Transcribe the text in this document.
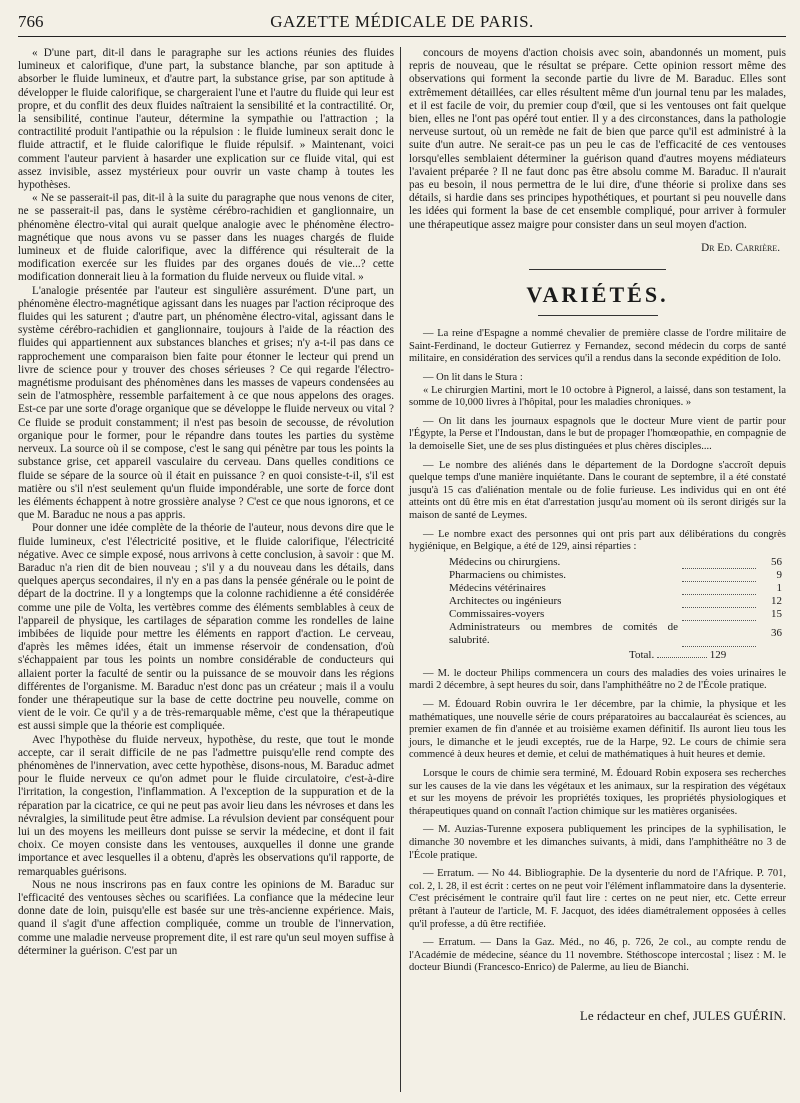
766	GAZETTE MÉDICALE DE PARIS.

« D'une part, dit-il dans le paragraphe sur les actions réunies des fluides lumineux et calorifique, d'une part, la substance blanche, par son aptitude à absorber le fluide lumineux, et d'autre part, la substance grise, par son aptitude à développer le fluide calorifique, se chargeraient l'une et l'autre du fluide qui leur est propre, et du conflit des deux fluides naîtraient la sensibilité et la contractilité. Or, la sensibilité, continue l'auteur, détermine la sympathie ou l'attraction ; la contractilité produit l'antipathie ou la répulsion : le fluide lumineux serait donc le fluide attractif, et le fluide calorifique le fluide répulsif. » Maintenant, voici comment l'auteur parvient à hasarder une explication sur ce fluide vital, qui est assez invisible, assez mystérieux pour ouvrir un vaste champ à toutes les hypothèses.

« Ne se passerait-il pas, dit-il à la suite du paragraphe que nous venons de citer, ne se passerait-il pas, dans le système cérébro-rachidien et ganglionnaire, un phénomène électro-vital qui aurait quelque analogie avec le phénomène électro-magnétique que nous avons vu se passer dans les nuages chargés de fluide lumineux et de fluide calorifique, avec la différence qui résulterait de la modification exercée sur les fluides par des organes doués de vie...? cette modification donnerait lieu à la formation du fluide nerveux ou fluide vital. »

L'analogie présentée par l'auteur est singulière assurément. D'une part, un phénomène électro-magnétique agissant dans les nuages par l'action réciproque des fluides qui les saturent ; d'autre part, un phénomène électro-vital, agissant dans le système cérébro-rachidien et ganglionnaire, toujours à l'aide de la réaction des fluides qui appartiennent aux substances blanches et grises; n'y a-t-il pas dans ce rapprochement une comparaison bien faite pour étonner le lecteur qui prend un livre de science pour y trouver des choses sérieuses ? Ce qui regarde l'électro-magnétisme produisant des phénomènes dans les masses de vapeurs condensées au sein de l'atmosphère, ressemble parfaitement à ce que nous appelons des orages. Est-ce par une sorte d'orage organique que se développe le fluide nerveux ou vital ? Ce fluide se produit constamment; il n'est pas besoin de secousse, de révolution organique pour le former, pour le répandre dans toutes les parties du système nerveux. La source où il se compose, c'est le sang qui pénètre par tous les points la substance grise, cet appareil vasculaire du cerveau. Dans quelles conditions ce fluide se sépare de la source où il était en puissance ? en quoi consiste-t-il, s'il est matière ou s'il n'est seulement qu'un fluide impondérable, une sorte de force dont les éléments échappent à notre grossière analyse ? C'est ce que nous ignorons, et ce que M. Baraduc ne nous a pas appris.

Pour donner une idée complète de la théorie de l'auteur, nous devons dire que le fluide lumineux, c'est l'électricité positive, et le fluide calorifique, l'électricité négative. Avec ce simple exposé, nous arrivons à cette conclusion, à savoir : que M. Baraduc n'a rien dit de bien nouveau ; s'il y a du nouveau dans les détails, dans quelques aperçus secondaires, il n'y en a pas dans la pensée générale ou le point de départ de la doctrine. Il y a longtemps que la colonne rachidienne a été considérée comme une pile de Volta, les vertèbres comme des éléments semblables à ceux de l'appareil de physique, les cartilages de séparation comme les rondelles de laine imbibées de liquide pour mettre les éléments en rapport d'action. Le cerveau, d'après les mêmes idées, était un immense réservoir de condensation, d'où s'échappaient par tous les points un nombre considérable de conducteurs qui allaient porter la faculté de sentir ou la puissance de se mouvoir dans les régions différentes de l'organisme. M. Baraduc n'est donc pas un créateur ; mais il a voulu fonder une thérapeutique sur la base de cette doctrine peu nouvelle, comme on vient de le voir. Ce qu'il y a de très-remarquable même, c'est que la thérapeutique est aussi simple que la théorie est compliquée.

Avec l'hypothèse du fluide nerveux, hypothèse, du reste, que tout le monde accepte, car il serait difficile de ne pas l'admettre puisqu'elle rend compte des phénomènes de l'innervation, avec cette hypothèse, disons-nous, M. Baraduc admet pour le fluide nerveux ce qu'on admet pour le fluide circulatoire, c'est-à-dire l'irritation, la congestion, l'inflammation. A l'exception de la suppuration et de la réparation par la cicatrice, ce qui ne peut pas avoir lieu dans les névroses et dans les névralgies, la similitude peut être admise. La révulsion devient par conséquent pour lui un des moyens les meilleurs dont puisse se servir la médecine, et dont il fait choix. Ce moyen consiste dans les ventouses, auxquelles il donne une grande importance et avec lesquelles il a obtenu, d'après les observations qu'il rapporte, de remarquables guérisons.

Nous ne nous inscrirons pas en faux contre les opinions de M. Baraduc sur l'efficacité des ventouses sèches ou scarifiées. La confiance que la médecine leur donne date de loin, puisqu'elle est basée sur une très-ancienne expérience. Mais, quand il s'agit d'une affection compliquée, comme un trouble de l'innervation, comme une maladie nerveuse proprement dite, il est rare qu'un seul moyen suffise à déterminer la guérison. C'est par un

concours de moyens d'action choisis avec soin, abandonnés un moment, puis repris de nouveau, que le résultat se prépare. Cette opinion ressort même des observations qui forment la seconde partie du livre de M. Baraduc. Elles sont extrêmement détaillées, car elles résultent même d'un journal tenu par les malades, et il est facile de voir, du premier coup d'œil, que si les ventouses ont fait quelque bien, elles ne l'ont pas opéré tout entier. Il y a des circonstances, dans la pathologie nerveuse surtout, où un remède ne fait de bien que parce qu'il est administré à la suite d'un autre. Ne serait-ce pas un peu le cas de l'efficacité de ces ventouses lorsqu'elles semblaient déterminer la guérison quand d'autres moyens médiateurs l'avaient préparée ? Il ne faut donc pas être absolu comme M. Baraduc. Il n'aurait pas eu besoin, il nous permettra de le lui dire, d'une théorie si prolixe dans ses détails, si hardie dans ses principes hypothétiques, et pourtant si peu nouvelle dans les idées qui forment la base de cet ensemble compliqué, pour arriver à formuler une thérapeutique assez maigre pour consister dans un seul moyen d'action.

Dr Ed. Carrière.
VARIÉTÉS.

— La reine d'Espagne a nommé chevalier de première classe de l'ordre militaire de Saint-Ferdinand, le docteur Gutierrez y Fernandez, second médecin du corps de santé militaire, en considération des services qu'il a rendus dans la seconde expédition de Iolo.

— On lit dans le Stura :

« Le chirurgien Martini, mort le 10 octobre à Pignerol, a laissé, dans son testament, la somme de 10,000 livres à l'hôpital, pour les maladies chroniques. »

— On lit dans les journaux espagnols que le docteur Mure vient de partir pour l'Égypte, la Perse et l'Indoustan, dans le but de propager l'homœopathie, en compagnie de la demoiselle Siet, une de ses plus distinguées et plus chères disciples....

— Le nombre des aliénés dans le département de la Dordogne s'accroît depuis quelque temps d'une manière inquiétante. Dans le courant de septembre, il a été constaté jusqu'à 15 cas d'aliénation mentale ou de folie furieuse. Les individus qui en ont été atteints ont dû être mis en état d'arrestation jusqu'au moment où ils seront dirigés sur la maison de santé de Leymes.

— Le nombre exact des personnes qui ont pris part aux délibérations du congrès hygiénique, en Belgique, a été de 129, ainsi réparties :

Médecins ou chirurgiens.		56
Pharmaciens ou chimistes.		9
Médecins vétérinaires		1
Architectes ou ingénieurs		12
Commissaires-voyers		15
Administrateurs ou membres de comités de salubrité.		36
Total.	129

— M. le docteur Philips commencera un cours des maladies des voies urinaires le mardi 2 décembre, à sept heures du soir, dans l'amphithéâtre no 2 de l'École pratique.

— M. Édouard Robin ouvrira le 1er décembre, par la chimie, la physique et les mathématiques, une nouvelle série de cours préparatoires au baccalauréat ès sciences, au premier examen de fin d'année et au troisième examen définitif. Ils auront lieu tous les jours, le dimanche et le jeudi exceptés, rue de la Harpe, 92. Le cours de chimie sera commencé à deux heures et demie, et celui de mathématiques à huit heures et demie.

Lorsque le cours de chimie sera terminé, M. Édouard Robin exposera ses recherches sur les causes de la vie dans les végétaux et les animaux, sur la respiration des végétaux et sur les moyens de prévoir les propriétés toxiques, les propriétés physiologiques et thérapeutiques quand on connaît l'action chimique sur les matières organisées.

— M. Auzias-Turenne exposera publiquement les principes de la syphilisation, le dimanche 30 novembre et les dimanches suivants, à midi, dans l'amphithéâtre no 3 de l'École pratique.

— Erratum. — No 44. Bibliographie. De la dysenterie du nord de l'Afrique. P. 701, col. 2, l. 28, il est écrit : certes on ne peut voir l'élément inflammatoire dans la dysenterie. C'est précisément le contraire qu'il faut lire : certes on ne peut nier, etc. Cette erreur prêtant à l'auteur de l'article, M. F. Jacquot, des idées diamétralement opposées à celles qu'il professe, a dû être rectifiée.

— Erratum. — Dans la Gaz. Méd., no 46, p. 726, 2e col., au compte rendu de l'Académie de médecine, séance du 11 novembre. Stéthoscope intercostal ; lisez : M. le docteur Biundi (Francesco-Enrico) de Palerme, au lieu de Bianchi.

Le rédacteur en chef, JULES GUÉRIN.
